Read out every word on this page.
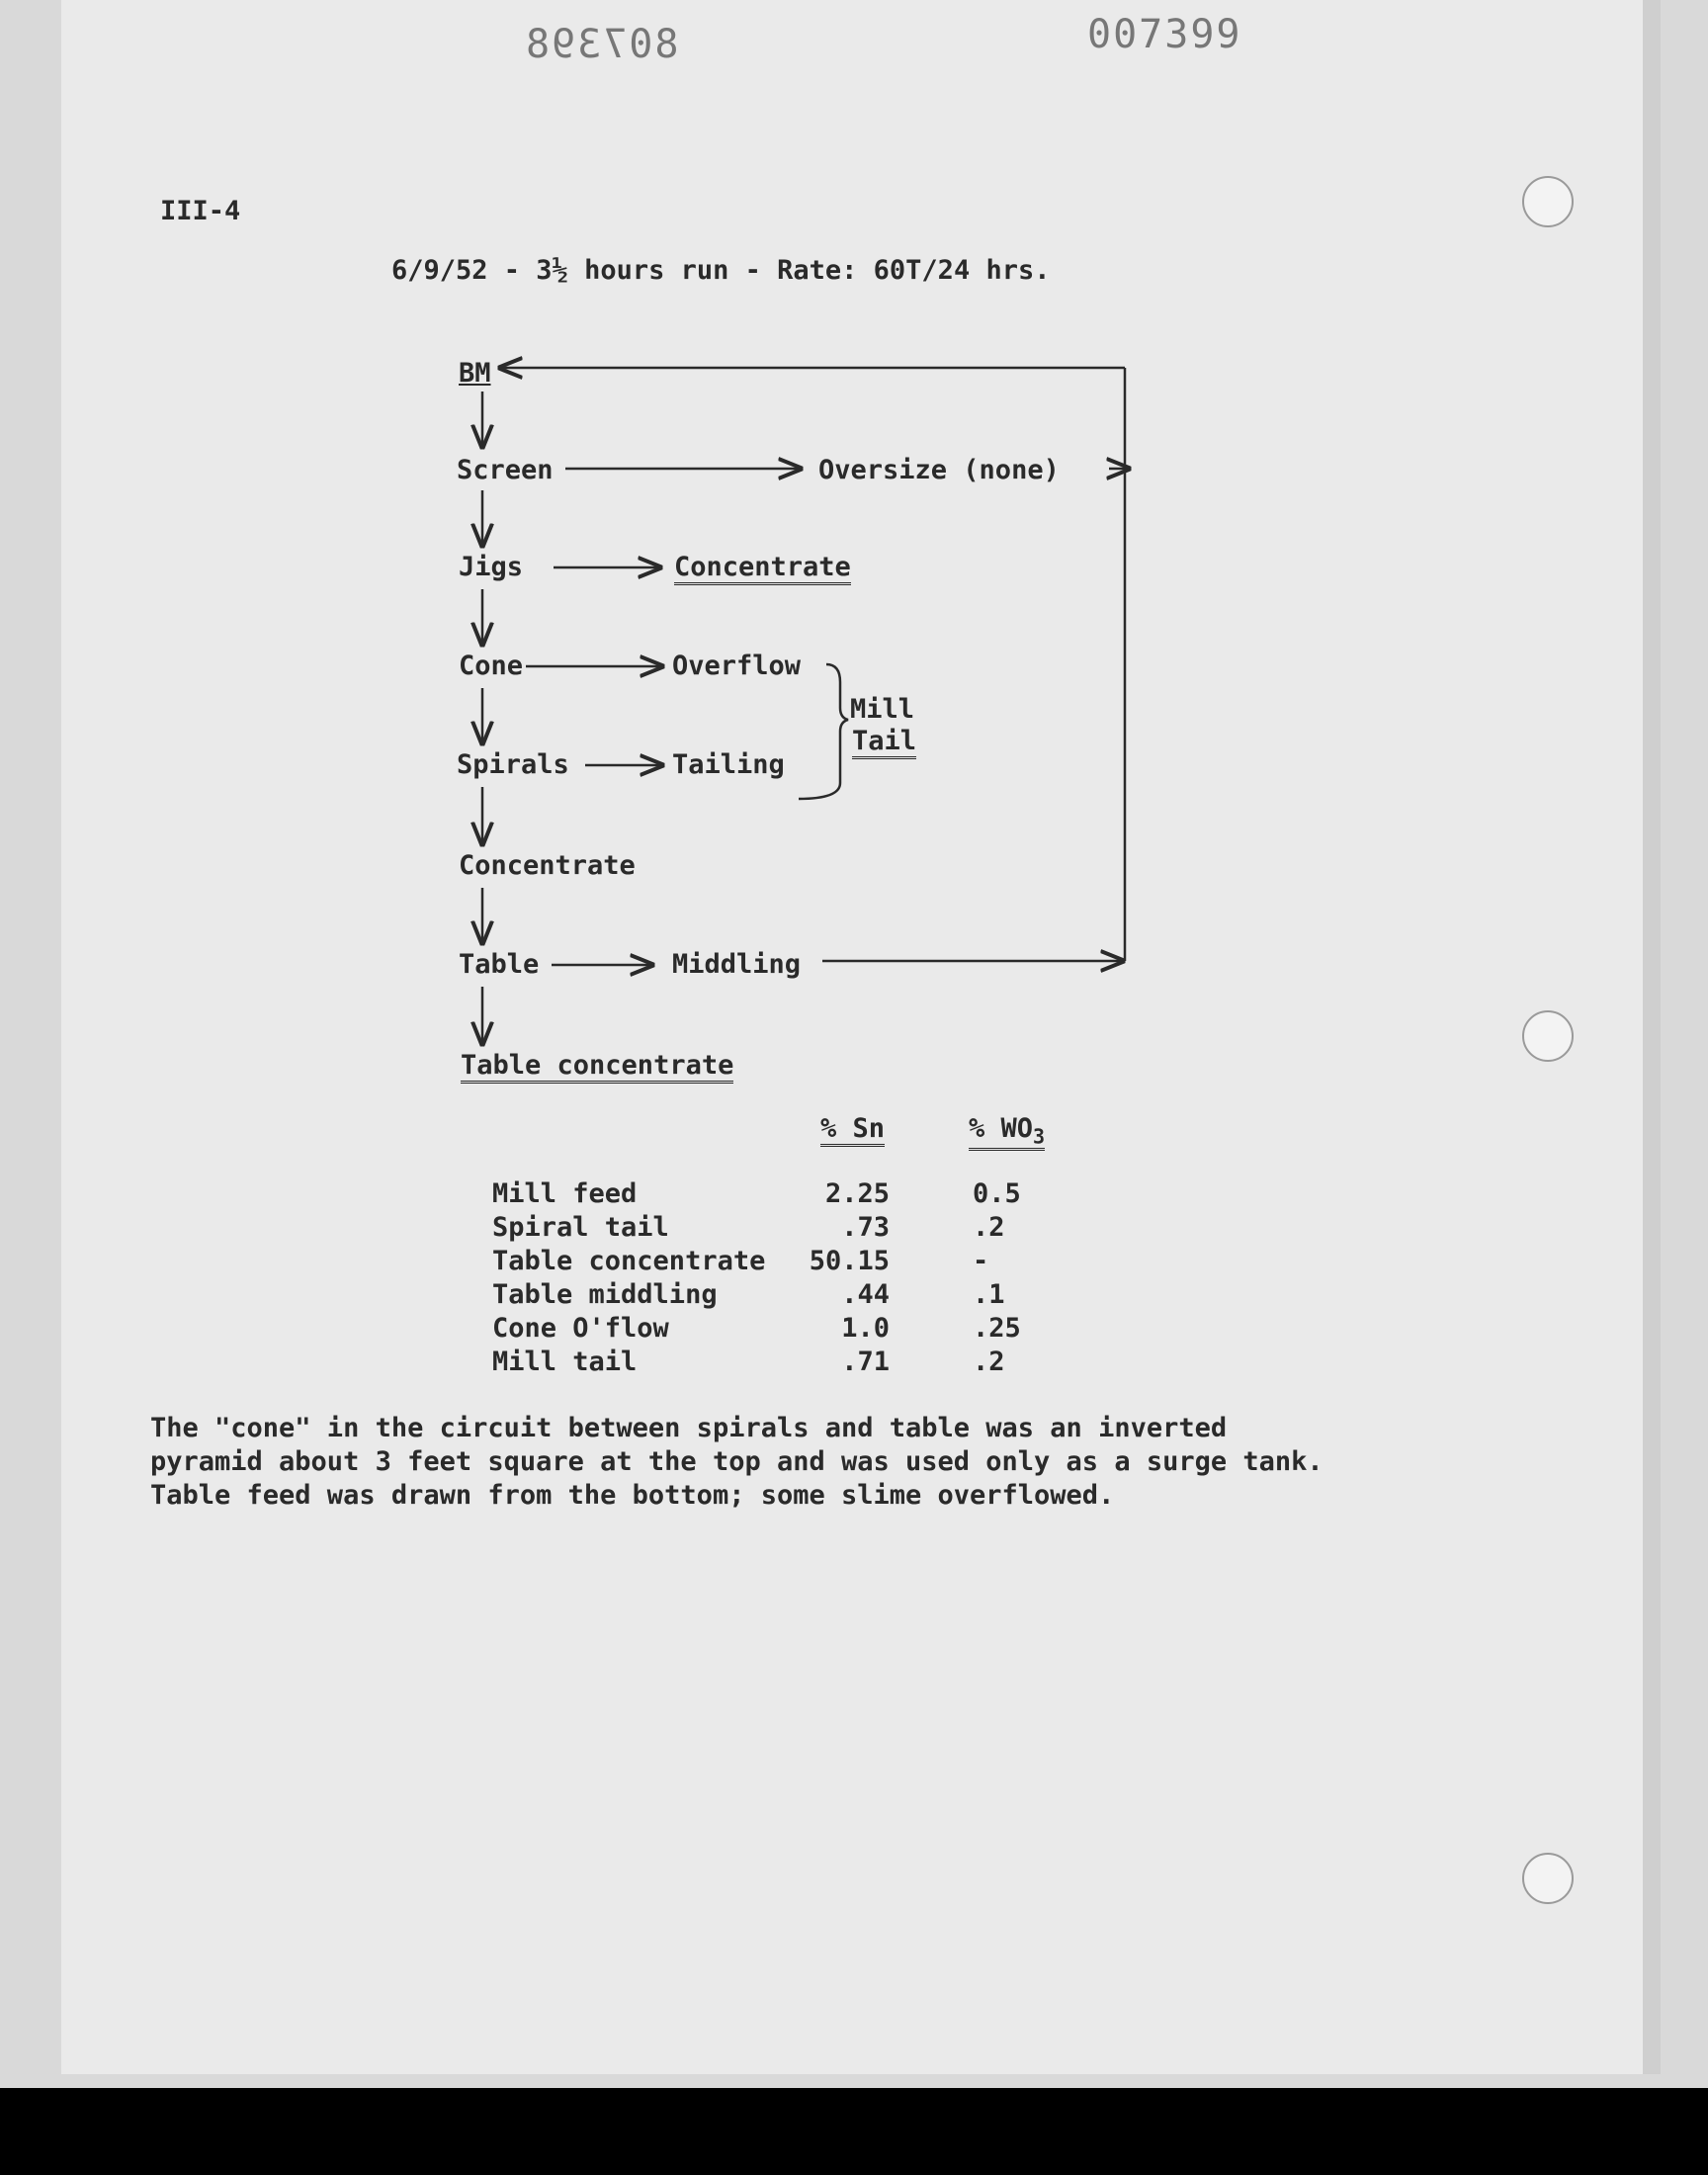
807398	007399
III-4
6/9/52 - 3½ hours run - Rate: 60T/24 hrs.
BM
Screen	Oversize (none)
Jigs	Concentrate
Cone	Overflow
Mill
Tail
Spirals	Tailing
Concentrate
Table	Middling
Table concentrate
% Sn	% $WO_3$
Mill feed	2.25	0.5
Spiral tail	.73	.2
Table concentrate	50.15	-
Table middling	.44	.1
Cone O'flow	1.0	.25
Mill tail	.71	.2
The "cone" in the circuit between spirals and table was an inverted
pyramid about 3 feet square at the top and was used only as a surge tank.
Table feed was drawn from the bottom; some slime overflowed.
